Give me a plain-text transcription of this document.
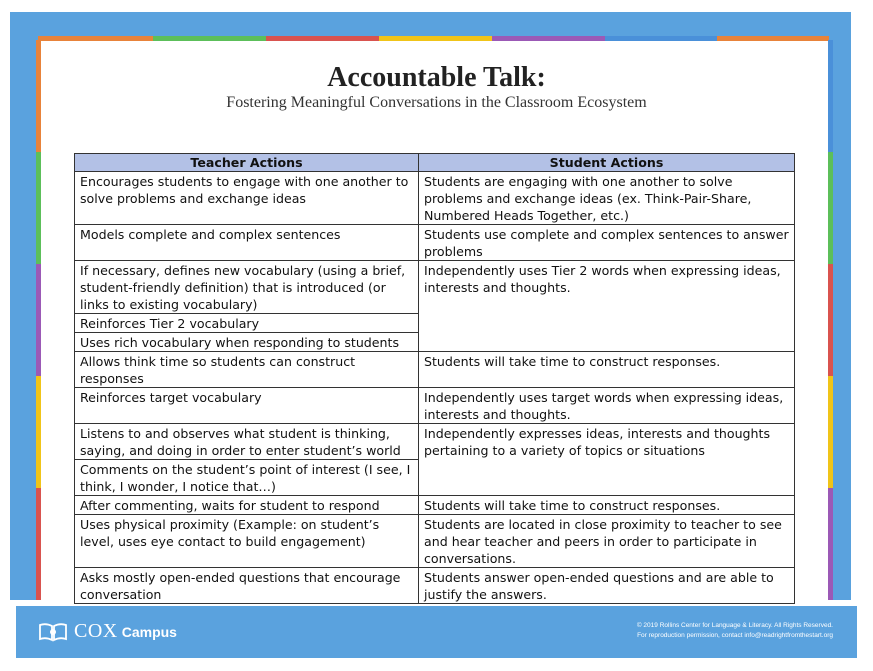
Accountable Talk:
Fostering Meaningful Conversations in the Classroom Ecosystem
Teacher Actions	Student Actions
Encourages students to engage with one another to solve problems and exchange ideas	Students are engaging with one another to solve problems and exchange ideas (ex. Think-Pair-Share, Numbered Heads Together, etc.)
Models complete and complex sentences	Students use complete and complex sentences to answer problems
If necessary, defines new vocabulary (using a brief, student-friendly definition) that is introduced (or links to existing vocabulary)	Independently uses Tier 2 words when expressing ideas, interests and thoughts.
Reinforces Tier 2 vocabulary	
Uses rich vocabulary when responding to students	
Allows think time so students can construct responses	Students will take time to construct responses.
Reinforces target vocabulary	Independently uses target words when expressing ideas, interests and thoughts.
Listens to and observes what student is thinking, saying, and doing in order to enter student’s world	Independently expresses ideas, interests and thoughts pertaining to a variety of topics or situations
Comments on the student’s point of interest (I see, I think, I wonder, I notice that…)	
After commenting, waits for student to respond	Students will take time to construct responses.
Uses physical proximity (Example: on student’s level, uses eye contact to build engagement)	Students are located in close proximity to teacher to see and hear teacher and peers in order to participate in conversations.
Asks mostly open-ended questions that encourage conversation	Students answer open-ended questions and are able to justify the answers.
COX Campus	© 2019 Rollins Center for Language & Literacy. All Rights Reserved.
For reproduction permission, contact info@readrightfromthestart.org
